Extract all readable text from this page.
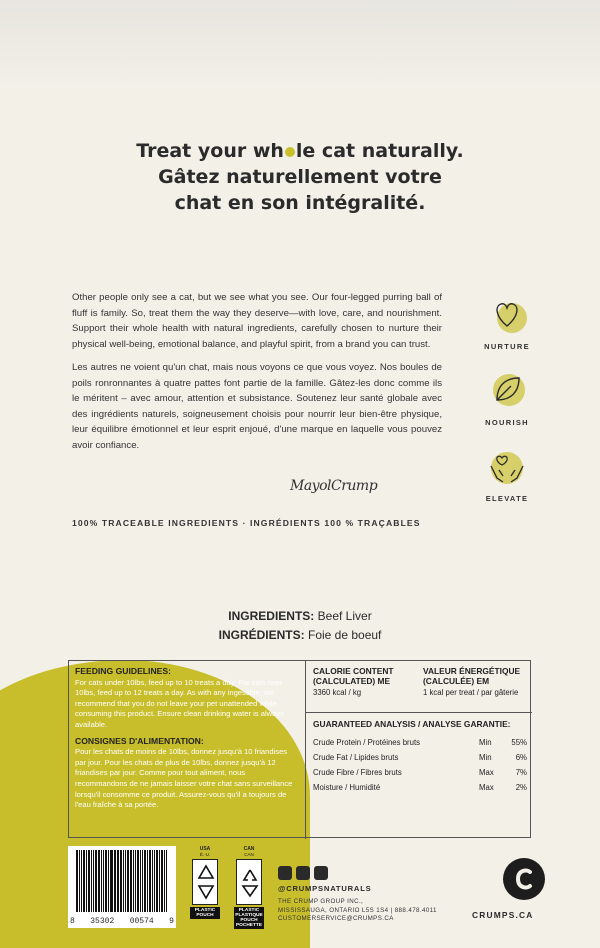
Treat your wh le cat naturally.
Gâtez naturellement votre
chat en son intégralité.

Other people only see a cat, but we see what you see. Our four-legged purring ball of fluff is family. So, treat them the way they deserve—with love, care, and nourishment. Support their whole health with natural ingredients, carefully chosen to nurture their physical well-being, emotional balance, and playful spirit, from a brand you can trust.

Les autres ne voient qu'un chat, mais nous voyons ce que vous voyez. Nos boules de poils ronronnantes à quatre pattes font partie de la famille. Gâtez-les donc comme ils le méritent – avec amour, attention et subsistance. Soutenez leur santé globale avec des ingrédients naturels, soigneusement choisis pour nourrir leur bien-être physique, leur équilibre émotionnel et leur esprit enjoué, d'une marque en laquelle vous pouvez avoir confiance.

MayolCrump
100% TRACEABLE INGREDIENTS · INGRÉDIENTS 100 % TRAÇABLES
NURTURE
NOURISH
ELEVATE
INGREDIENTS: Beef Liver
INGRÉDIENTS: Foie de boeuf
FEEDING GUIDELINES:
For cats under 10lbs, feed up to 10 treats a day. For cats over 10lbs, feed up to 12 treats a day. As with any ingestible, we recommend that you do not leave your pet unattended while consuming this product. Ensure clean drinking water is always available.
CONSIGNES D'ALIMENTATION:
Pour les chats de moins de 10lbs, donnez jusqu'à 10 friandises par jour. Pour les chats de plus de 10lbs, donnez jusqu'à 12 friandises par jour. Comme pour tout aliment, nous recommandons de ne jamais laisser votre chat sans surveillance lorsqu'il consomme ce produit. Assurez-vous qu'il a toujours de l'eau fraîche à sa portée.
CALORIE CONTENT (CALCULATED) ME
3360 kcal / kg
VALEUR ÉNERGÉTIQUE (CALCULÉE) EM
1 kcal per treat / par gâterie
GUARANTEED ANALYSIS / ANALYSE GARANTIE:
Crude Protein / Protéines bruts	Min	55%
Crude Fat / Lipides bruts	Min	6%
Crude Fibre / Fibres bruts	Max	7%
Moisture / Humidité	Max	2%
8 35302 00574 9
USA
É.-U.
PLASTIC POUCH
CAN
CAN
PLASTIC PLASTIQUE POUCH POCHETTE
@CRUMPSNATURALS
THE CRUMP GROUP INC.,
MISSISSAUGA, ONTARIO L5S 1S4 | 888.478.4011
CUSTOMERSERVICE@CRUMPS.CA	CRUMPS.CA
